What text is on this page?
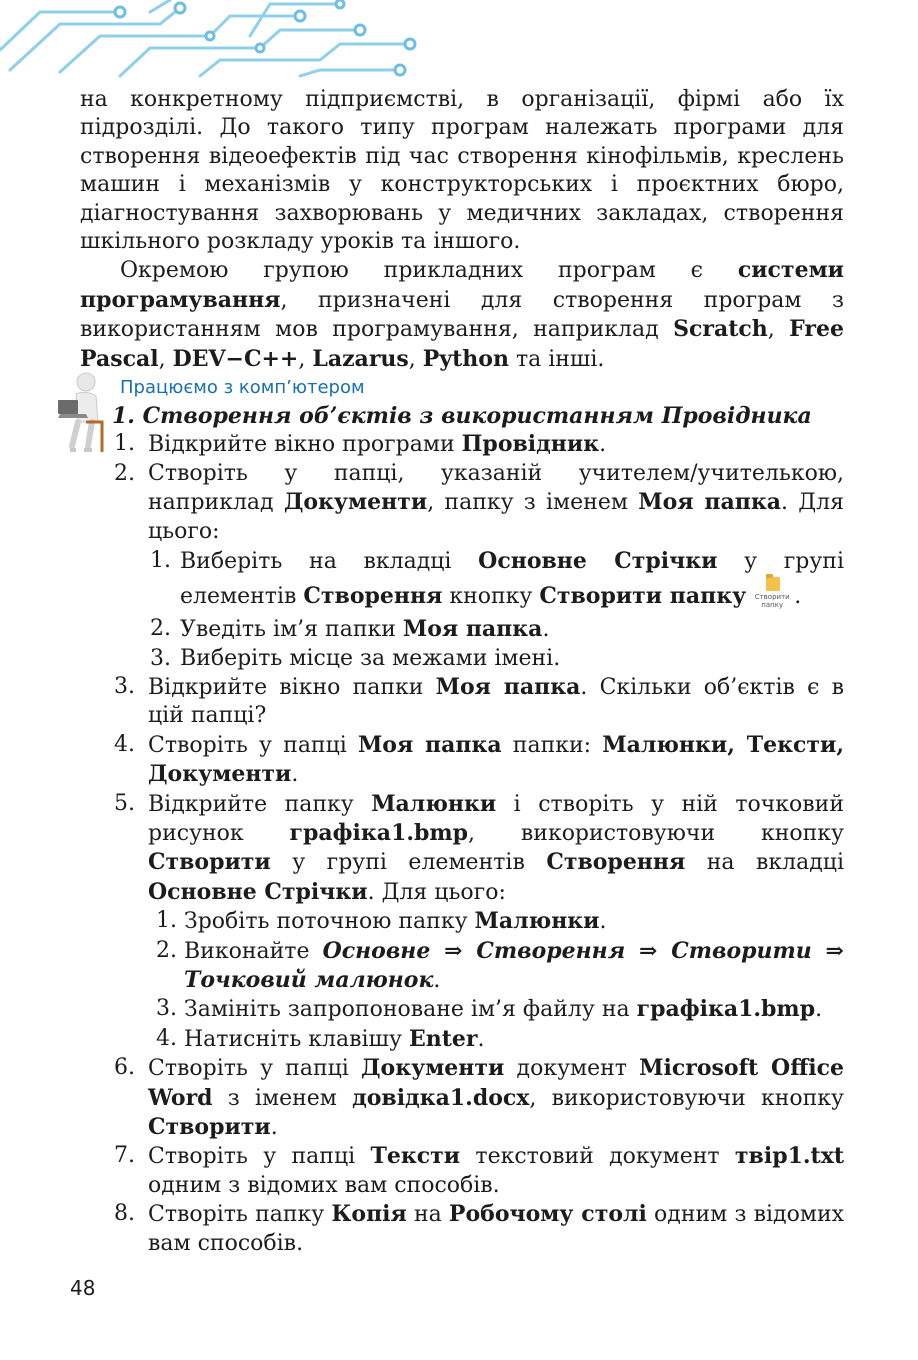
на конкретному підприємстві, в організації, фірмі або їх підрозділі. До такого типу програм належать програми для створення відеоефектів під час створення кінофільмів, креслень машин і механізмів у конструкторських і проєктних бюро, діагностування захворювань у медичних закладах, створення шкільного розкладу уроків та іншого.

Окремою групою прикладних програм є системи програмування, призначені для створення програм з використанням мов програмування, наприклад Scratch, Free Pascal, DEV−C++, Lazarus, Python та інші.

Працюємо з комп’ютером
1. Створення об’єктів з використанням Провідника
1. Відкрийте вікно програми Провідник.
2. Створіть у папці, указаній учителем/учителькою, наприклад Документи, папку з іменем Моя папка. Для цього:
1. Виберіть на вкладці Основне Стрічки у групі елементів Створення кнопку Створити папку	Створити папку .
2. Уведіть ім’я папки Моя папка.
3. Виберіть місце за межами імені.
3. Відкрийте вікно папки Моя папка. Скільки об’єктів є в цій папці?
4. Створіть у папці Моя папка папки: Малюнки, Тексти, Документи.
5. Відкрийте папку Малюнки і створіть у ній точковий рисунок графіка1.bmp, використовуючи кнопку Створити у групі елементів Створення на вкладці Основне Стрічки. Для цього:
1. Зробіть поточною папку Малюнки.
2. Виконайте Основне ⇒ Створення ⇒ Створити ⇒ Точковий малюнок.
3. Замініть запропоноване ім’я файлу на графіка1.bmp.
4. Натисніть клавішу Enter.
6. Створіть у папці Документи документ Microsoft Office Word з іменем довідка1.docx, використовуючи кнопку Створити.
7. Створіть у папці Тексти текстовий документ твір1.txt одним з відомих вам способів.
8. Створіть папку Копія на Робочому столі одним з відомих вам способів.
48
